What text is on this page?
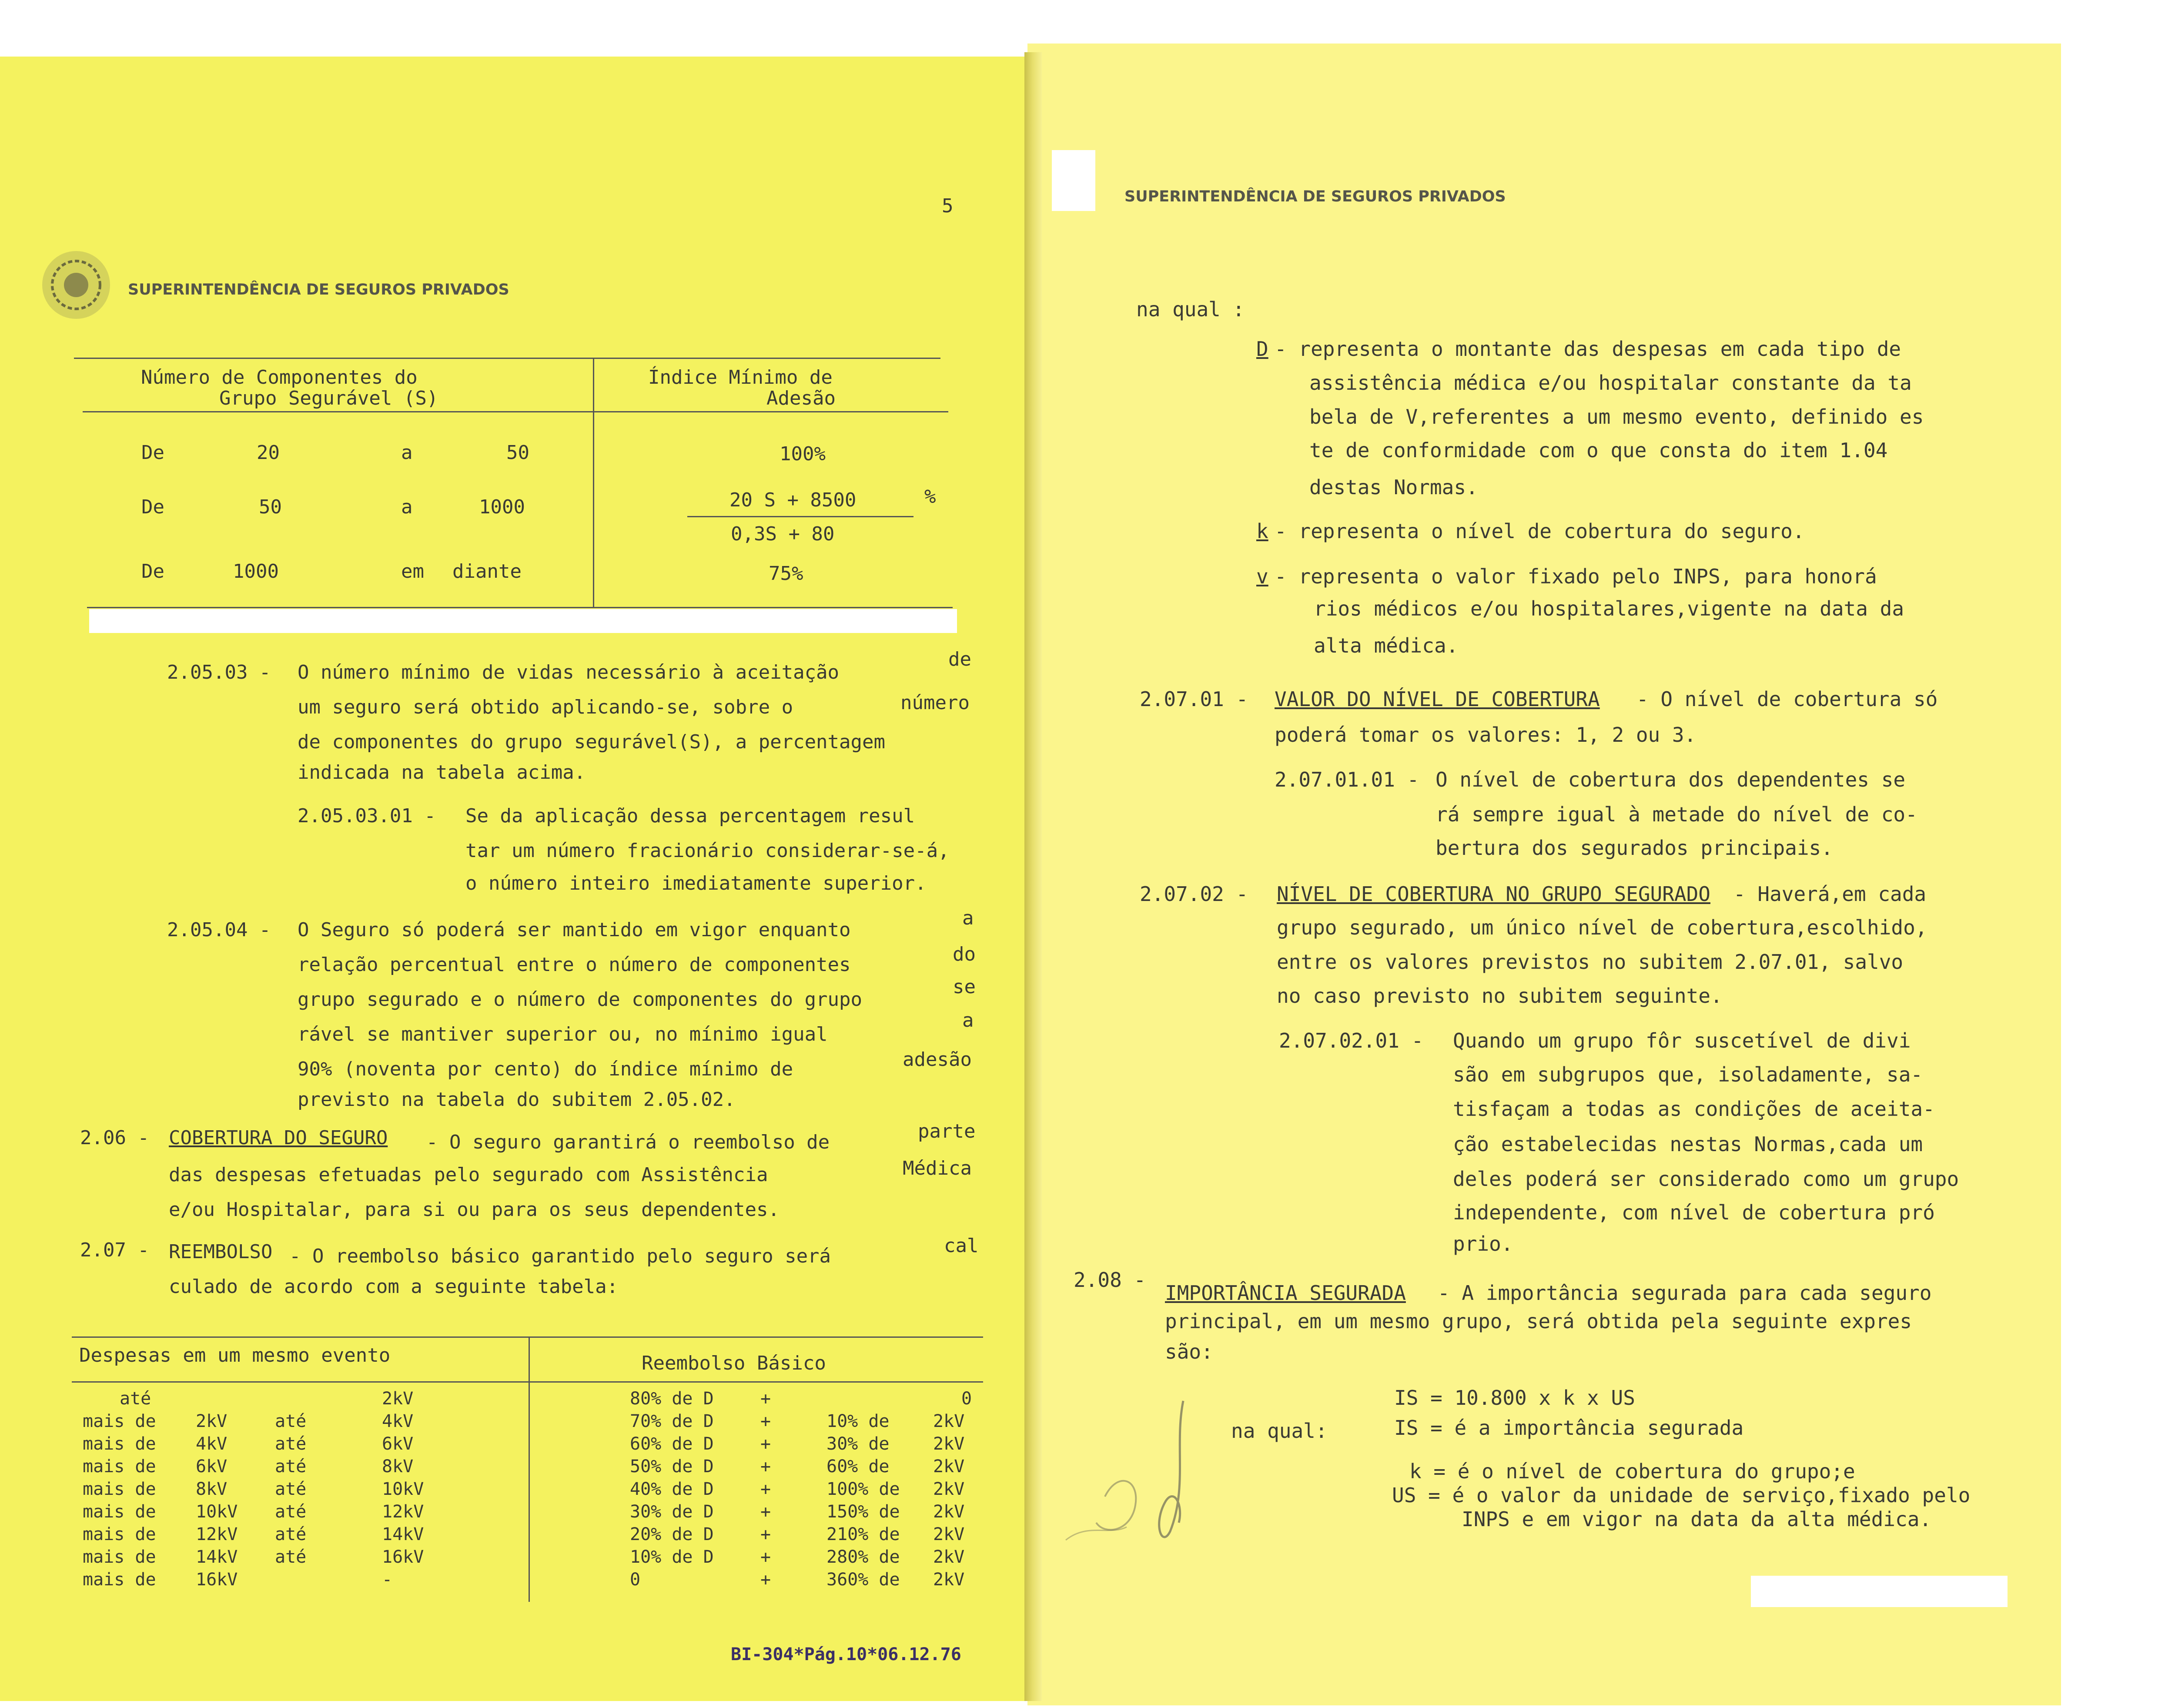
5
SUPERINTENDÊNCIA DE SEGUROS PRIVADOS
Número de Componentes do
Grupo Segurável (S)
Índice Mínimo de
Adesão
De	20	a	50	100%
De	50	a	1000	20 S + 8500
0,3S + 80
%
De	1000	em diante	75%
2.05.03 - O número mínimo de vidas necessário à aceitação
de
um seguro será obtido aplicando-se, sobre o	número
de componentes do grupo segurável(S), a percentagem
indicada na tabela acima.
2.05.03.01 - Se da aplicação dessa percentagem resul
tar um número fracionário considerar-se-á,
o número inteiro imediatamente superior.
2.05.04 - O Seguro só poderá ser mantido em vigor enquanto
a
relação percentual entre o número de componentes	do
grupo segurado e o número de componentes do grupo
se
rável se mantiver superior ou, no mínimo igual
a
90% (noventa por cento) do índice mínimo de	adesão
previsto na tabela do subitem 2.05.02.
2.06 - COBERTURA DO SEGURO - O seguro garantirá o reembolso de	parte
das despesas efetuadas pelo segurado com Assistência	Médica
e/ou Hospitalar, para si ou para os seus dependentes.
2.07 - REEMBOLSO - O reembolso básico garantido pelo seguro será	cal
culado de acordo com a seguinte tabela:
Despesas em um mesmo evento	Reembolso Básico
até	2kV	80% de D	+	0
mais de 2kV	até	4kV	70% de D	+	10% de	2kV
mais de 4kV	até	6kV	60% de D	+	30% de	2kV
mais de 6kV	até	8kV	50% de D	+	60% de	2kV
mais de 8kV	até	10kV	40% de D	+	100% de 2kV
mais de 10kV até	12kV	30% de D	+	150% de 2kV
mais de 12kV até	14kV	20% de D	+	210% de 2kV
mais de 14kV até	16kV	10% de D	+	280% de 2kV
mais de 16kV	-	0	+	360% de 2kV
BI-304*Pág.10*06.12.76
SUPERINTENDÊNCIA DE SEGUROS PRIVADOS
na qual :
D - representa o montante das despesas em cada tipo de
assistência médica e/ou hospitalar constante da ta
bela de V,referentes a um mesmo evento, definido es
te de conformidade com o que consta do item 1.04
destas Normas.
k - representa o nível de cobertura do seguro.
v - representa o valor fixado pelo INPS, para honorá
rios médicos e/ou hospitalares,vigente na data da
alta médica.
2.07.01 - VALOR DO NÍVEL DE COBERTURA - O nível de cobertura só
poderá tomar os valores: 1, 2 ou 3.
2.07.01.01 - O nível de cobertura dos dependentes se
rá sempre igual à metade do nível de co-
bertura dos segurados principais.
2.07.02 - NÍVEL DE COBERTURA NO GRUPO SEGURADO - Haverá,em cada
grupo segurado, um único nível de cobertura,escolhido,
entre os valores previstos no subitem 2.07.01, salvo
no caso previsto no subitem seguinte.
2.07.02.01 - Quando um grupo fôr suscetível de divi
são em subgrupos que, isoladamente, sa-
tisfaçam a todas as condições de aceita-
ção estabelecidas nestas Normas,cada um
deles poderá ser considerado como um grupo
independente, com nível de cobertura pró
prio.
2.08 -
IMPORTÂNCIA SEGURADA - A importância segurada para cada seguro
principal, em um mesmo grupo, será obtida pela seguinte expres
são:
na qual:
IS = 10.800 x k x US
IS = é a importância segurada
k = é o nível de cobertura do grupo;e
US = é o valor da unidade de serviço,fixado pelo
INPS e em vigor na data da alta médica.
